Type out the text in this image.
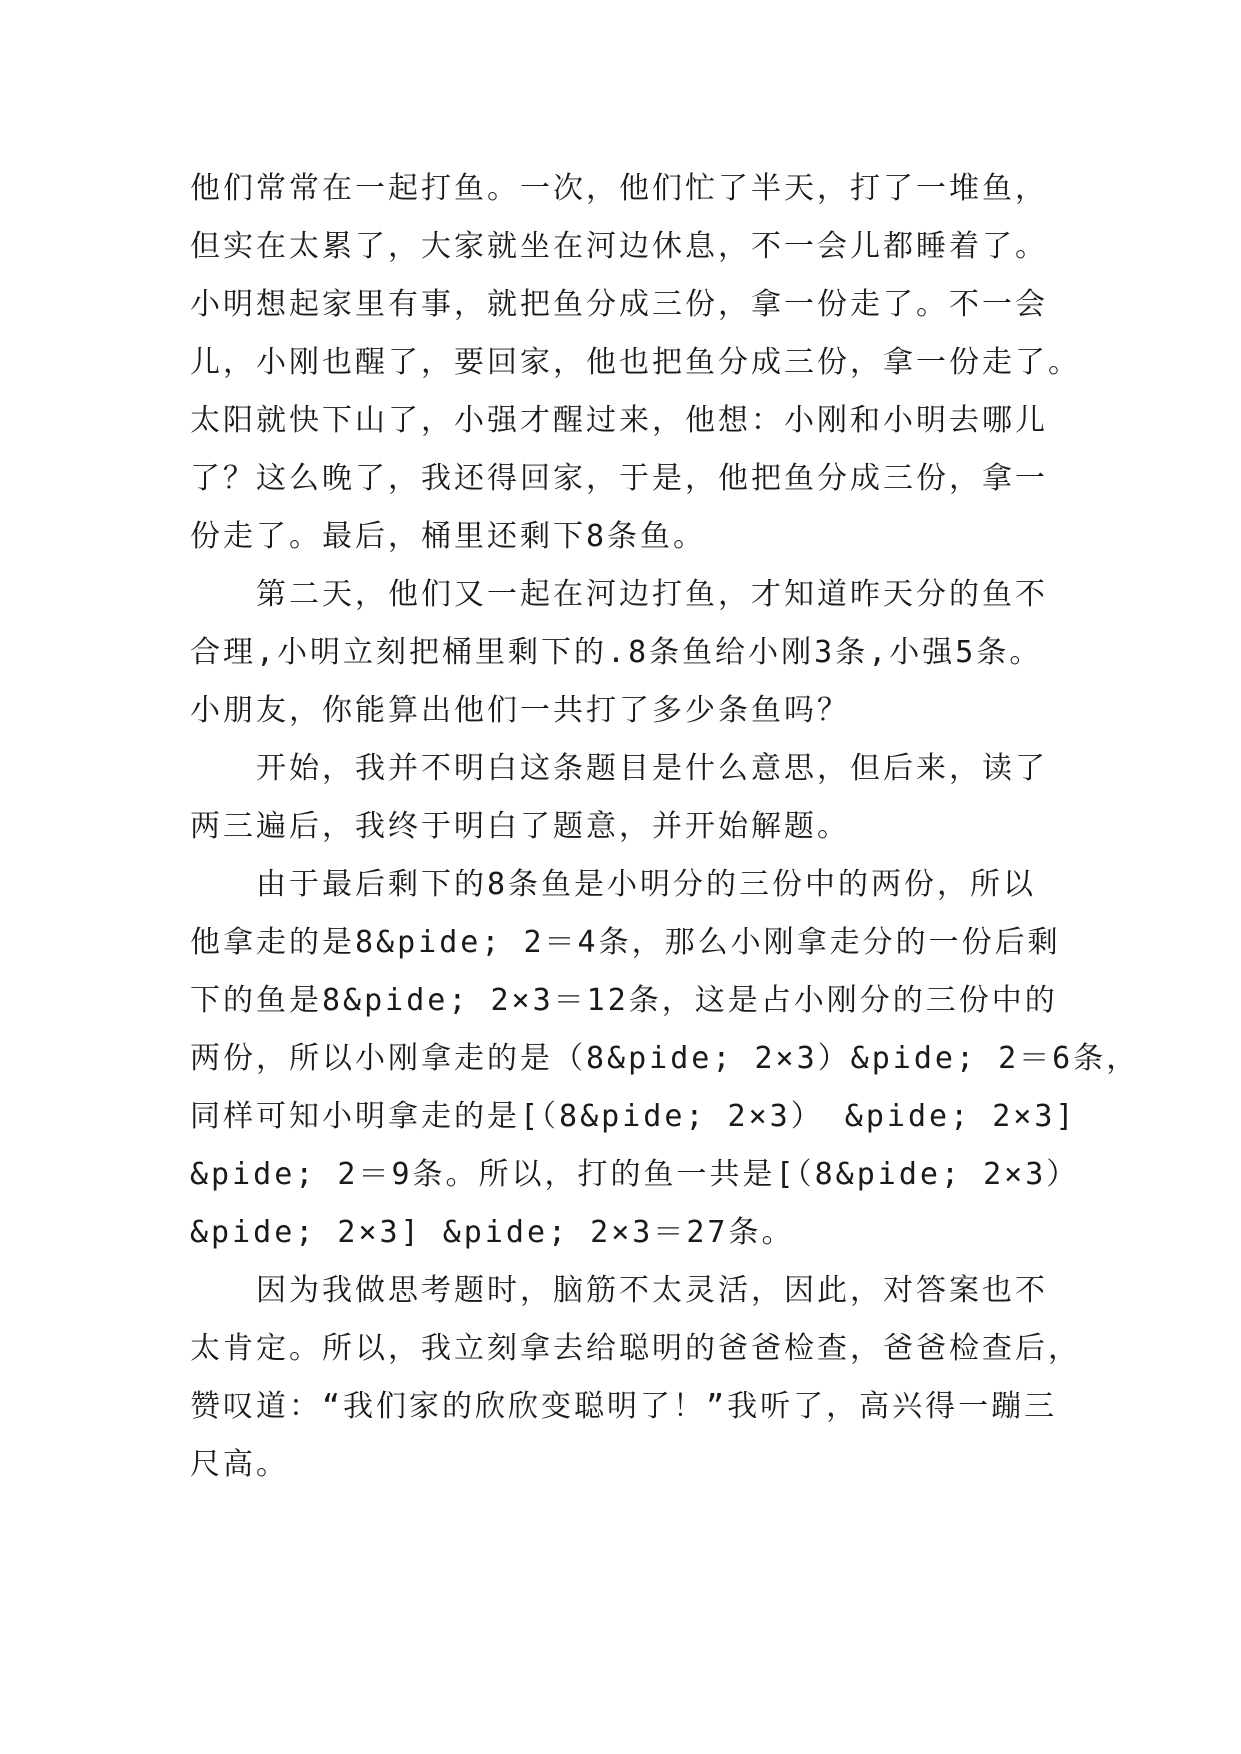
他们常常在一起打鱼。一次，他们忙了半天，打了一堆鱼，
但实在太累了，大家就坐在河边休息，不一会儿都睡着了。
小明想起家里有事，就把鱼分成三份，拿一份走了。不一会
儿，小刚也醒了，要回家，他也把鱼分成三份，拿一份走了。
太阳就快下山了，小强才醒过来，他想：小刚和小明去哪儿
了？这么晚了，我还得回家，于是，他把鱼分成三份，拿一
份走了。最后，桶里还剩下8条鱼。
　　第二天，他们又一起在河边打鱼，才知道昨天分的鱼不
合理,小明立刻把桶里剩下的.8条鱼给小刚3条,小强5条。
小朋友，你能算出他们一共打了多少条鱼吗？
　　开始，我并不明白这条题目是什么意思，但后来，读了
两三遍后，我终于明白了题意，并开始解题。
　　由于最后剩下的8条鱼是小明分的三份中的两份，所以
他拿走的是8&pide; 2＝4条，那么小刚拿走分的一份后剩
下的鱼是8&pide; 2×3＝12条，这是占小刚分的三份中的
两份，所以小刚拿走的是（8&pide; 2×3）&pide; 2＝6条，
同样可知小明拿走的是[（8&pide; 2×3） &pide; 2×3]
&pide; 2＝9条。所以，打的鱼一共是[（8&pide; 2×3）
&pide; 2×3] &pide; 2×3＝27条。
　　因为我做思考题时，脑筋不太灵活，因此，对答案也不
太肯定。所以，我立刻拿去给聪明的爸爸检查，爸爸检查后，
赞叹道：“我们家的欣欣变聪明了！”我听了，高兴得一蹦三
尺高。
